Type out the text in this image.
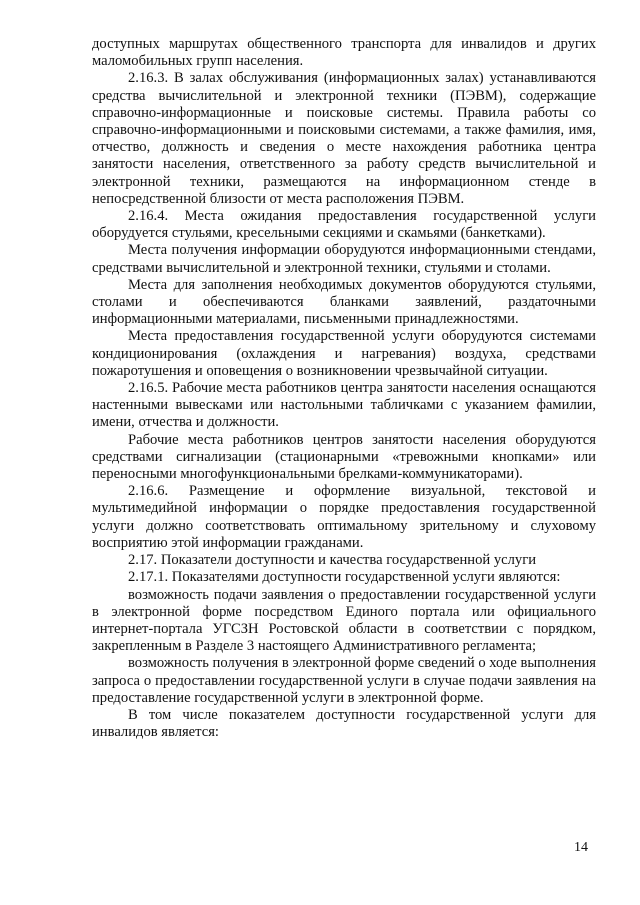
доступных маршрутах общественного транспорта для инвалидов и других маломобильных групп населения.

2.16.3. В залах обслуживания (информационных залах) устанавливаются средства вычислительной и электронной техники (ПЭВМ), содержащие справочно-информационные и поисковые системы. Правила работы со справочно-информационными и поисковыми системами, а также фамилия, имя, отчество, должность и сведения о месте нахождения работника центра занятости населения, ответственного за работу средств вычислительной и электронной техники, размещаются на информационном стенде в непосредственной близости от места расположения ПЭВМ.

2.16.4. Места ожидания предоставления государственной услуги оборудуется стульями, кресельными секциями и скамьями (банкетками).

Места получения информации оборудуются информационными стендами, средствами вычислительной и электронной техники, стульями и столами.

Места для заполнения необходимых документов оборудуются стульями, столами и обеспечиваются бланками заявлений, раздаточными информационными материалами, письменными принадлежностями.

Места предоставления государственной услуги оборудуются системами кондиционирования (охлаждения и нагревания) воздуха, средствами пожаротушения и оповещения о возникновении чрезвычайной ситуации.

2.16.5. Рабочие места работников центра занятости населения оснащаются настенными вывесками или настольными табличками с указанием фамилии, имени, отчества и должности.

Рабочие места работников центров занятости населения оборудуются средствами сигнализации (стационарными «тревожными кнопками» или переносными многофункциональными брелками-коммуникаторами).

2.16.6. Размещение и оформление визуальной, текстовой и мультимедийной информации о порядке предоставления государственной услуги должно соответствовать оптимальному зрительному и слуховому восприятию этой информации гражданами.

2.17. Показатели доступности и качества государственной услуги

2.17.1. Показателями доступности государственной услуги являются:

возможность подачи заявления о предоставлении государственной услуги в электронной форме посредством Единого портала или официального интернет-портала УГСЗН Ростовской области в соответствии с порядком, закрепленным в Разделе 3 настоящего Административного регламента;

возможность получения в электронной форме сведений о ходе выполнения запроса о предоставлении государственной услуги в случае подачи заявления на предоставление государственной услуги в электронной форме.

В том числе показателем доступности государственной услуги для инвалидов является:

14
